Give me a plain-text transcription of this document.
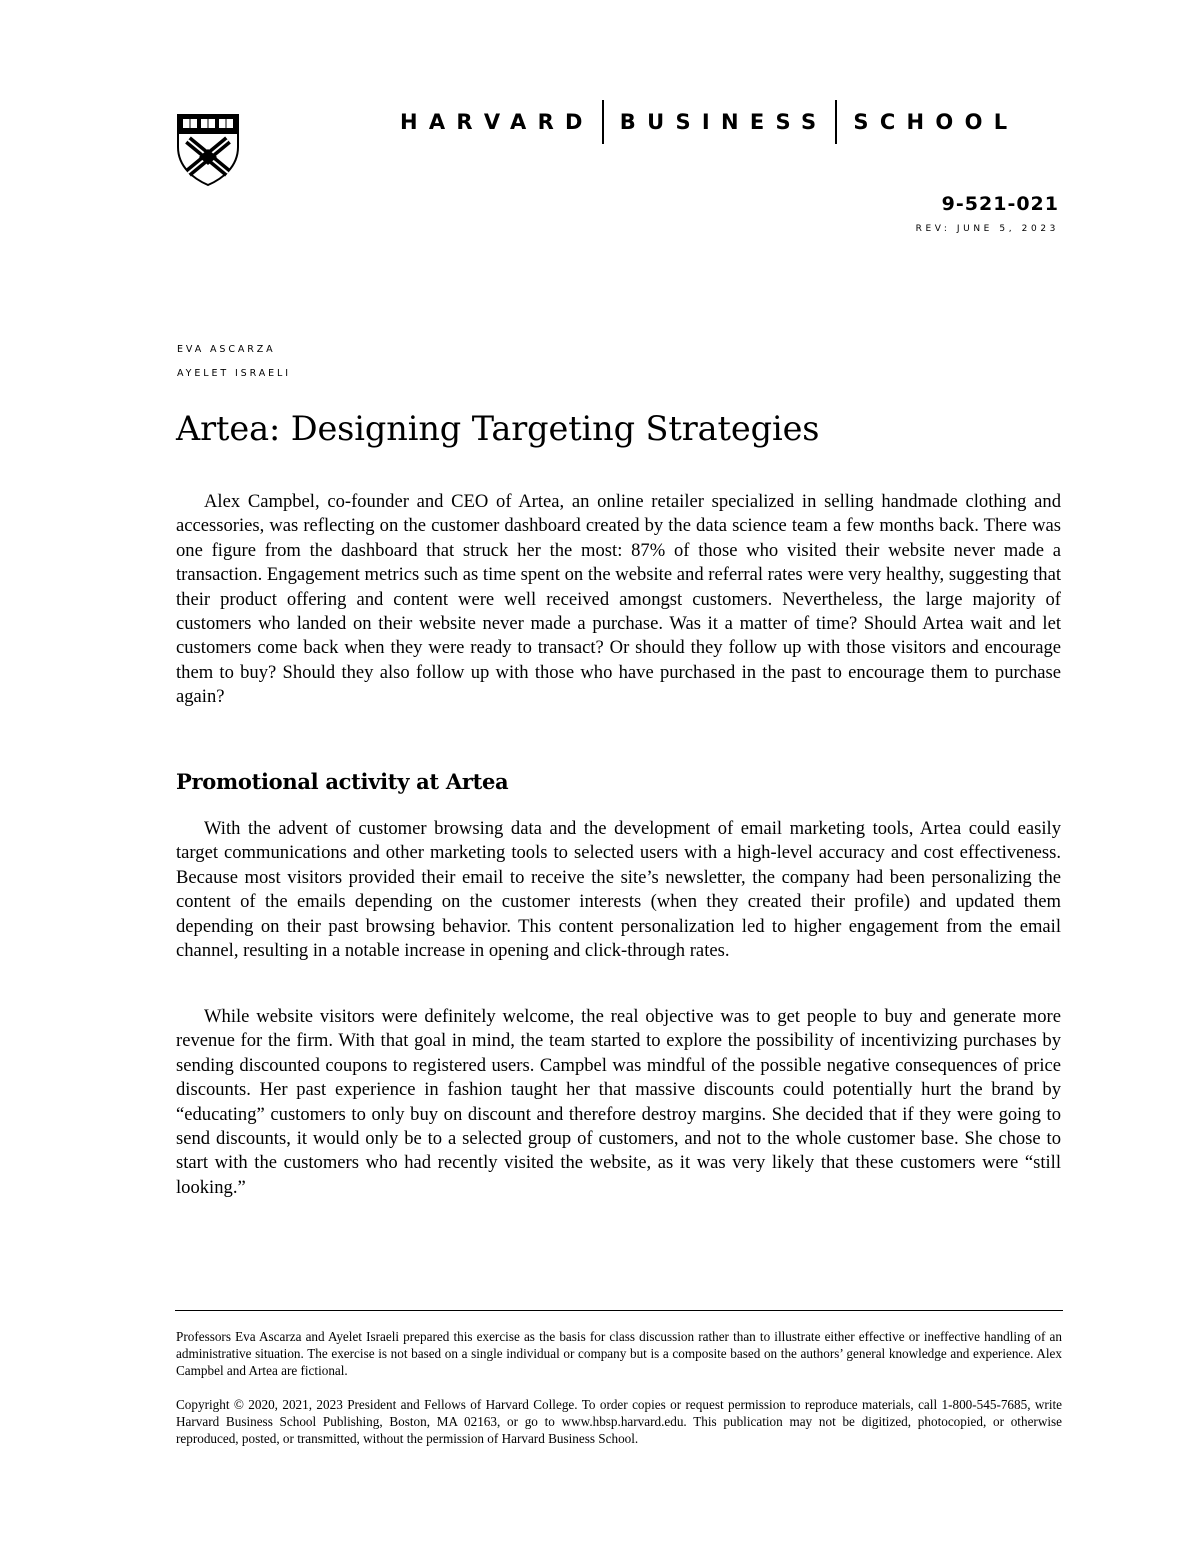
HARVARD BUSINESS SCHOOL
9-521-021
REV: JUNE 5, 2023
EVA ASCARZA
AYELET ISRAELI
Artea: Designing Targeting Strategies

Alex Campbel, co-founder and CEO of Artea, an online retailer specialized in selling handmade clothing and accessories, was reflecting on the customer dashboard created by the data science team a few months back. There was one figure from the dashboard that struck her the most: 87% of those who visited their website never made a transaction. Engagement metrics such as time spent on the website and referral rates were very healthy, suggesting that their product offering and content were well received amongst customers. Nevertheless, the large majority of customers who landed on their website never made a purchase. Was it a matter of time? Should Artea wait and let customers come back when they were ready to transact? Or should they follow up with those visitors and encourage them to buy? Should they also follow up with those who have purchased in the past to encourage them to purchase again?

Promotional activity at Artea

With the advent of customer browsing data and the development of email marketing tools, Artea could easily target communications and other marketing tools to selected users with a high-level accuracy and cost effectiveness. Because most visitors provided their email to receive the site’s newsletter, the company had been personalizing the content of the emails depending on the customer interests (when they created their profile) and updated them depending on their past browsing behavior. This content personalization led to higher engagement from the email channel, resulting in a notable increase in opening and click-through rates.

While website visitors were definitely welcome, the real objective was to get people to buy and generate more revenue for the firm. With that goal in mind, the team started to explore the possibility of incentivizing purchases by sending discounted coupons to registered users. Campbel was mindful of the possible negative consequences of price discounts. Her past experience in fashion taught her that massive discounts could potentially hurt the brand by “educating” customers to only buy on discount and therefore destroy margins. She decided that if they were going to send discounts, it would only be to a selected group of customers, and not to the whole customer base. She chose to start with the customers who had recently visited the website, as it was very likely that these customers were “still looking.”

Professors Eva Ascarza and Ayelet Israeli prepared this exercise as the basis for class discussion rather than to illustrate either effective or ineffective handling of an administrative situation. The exercise is not based on a single individual or company but is a composite based on the authors’ general knowledge and experience. Alex Campbel and Artea are fictional.

Copyright © 2020, 2021, 2023 President and Fellows of Harvard College. To order copies or request permission to reproduce materials, call 1-800-545-7685, write Harvard Business School Publishing, Boston, MA 02163, or go to www.hbsp.harvard.edu. This publication may not be digitized, photocopied, or otherwise reproduced, posted, or transmitted, without the permission of Harvard Business School.
